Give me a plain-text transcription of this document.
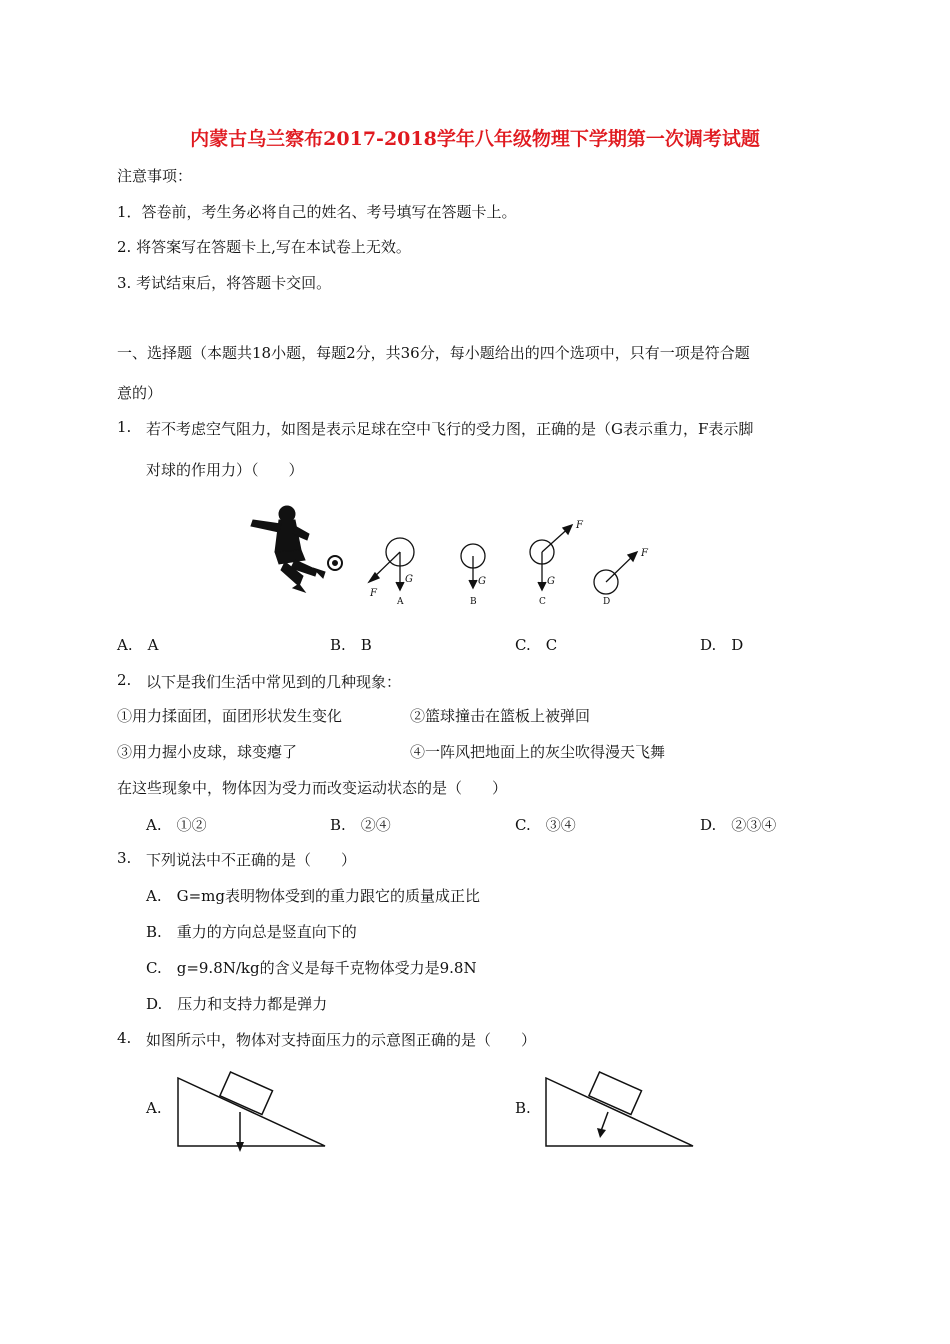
内蒙古乌兰察布2017-2018学年八年级物理下学期第一次调考试题
注意事项：
1．答卷前，考生务必将自己的姓名、考号填写在答题卡上。
2. 将答案写在答题卡上,写在本试卷上无效。
3. 考试结束后，将答题卡交回。
一、选择题（本题共18小题，每题2分，共36分，每小题给出的四个选项中，只有一项是符合题
意的）
1. 若不考虑空气阻力，如图是表示足球在空中飞行的受力图，正确的是（G表示重力，F表示脚
对球的作用力）（　　）
F
G	G
F
G
F
A	B	C	D
A.　A	B.　B	C.　C	D.　D
2. 以下是我们生活中常见到的几种现象：
①用力揉面团，面团形状发生变化	②篮球撞击在篮板上被弹回
③用力握小皮球，球变瘪了	④一阵风把地面上的灰尘吹得漫天飞舞
在这些现象中，物体因为受力而改变运动状态的是（　　）
A.　①②	B.　②④	C.　③④	D.　②③④
3. 下列说法中不正确的是（　　）
A.　G=mg表明物体受到的重力跟它的质量成正比
B.　重力的方向总是竖直向下的
C.　g=9.8N/kg的含义是每千克物体受力是9.8N
D.　压力和支持力都是弹力
4. 如图所示中，物体对支持面压力的示意图正确的是（　　）
A.	B.
